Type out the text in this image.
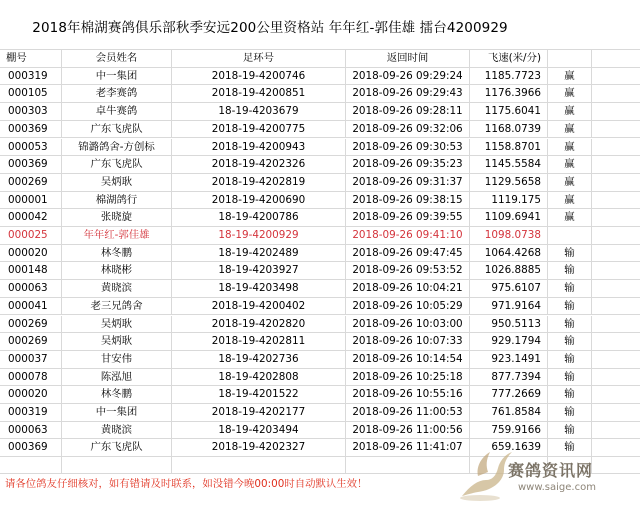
2018年棉湖赛鸽俱乐部秋季安远200公里资格站 年年红-郭佳雄 擂台4200929
棚号	会员姓名	足环号	返回时间	飞速(米/分)
000319	中一集团	2018-19-4200746	2018-09-26 09:29:24	1185.7723	赢
000105	老李赛鸽	2018-19-4200851	2018-09-26 09:29:43	1176.3966	赢
000303	卓牛赛鸽	18-19-4203679	2018-09-26 09:28:11	1175.6041	赢
000369	广东飞虎队	2018-19-4200775	2018-09-26 09:32:06	1168.0739	赢
000053	锦潞鸽舍-方创标	2018-19-4200943	2018-09-26 09:30:53	1158.8701	赢
000369	广东飞虎队	2018-19-4202326	2018-09-26 09:35:23	1145.5584	赢
000269	吴炳耿	2018-19-4202819	2018-09-26 09:31:37	1129.5658	赢
000001	棉湖鸽行	2018-19-4200690	2018-09-26 09:38:15	1119.175	赢
000042	张晓旋	18-19-4200786	2018-09-26 09:39:55	1109.6941	赢
000025	年年红-郭佳雄	18-19-4200929	2018-09-26 09:41:10	1098.0738
000020	林冬鹏	18-19-4202489	2018-09-26 09:47:45	1064.4268	输
000148	林晓彬	18-19-4203927	2018-09-26 09:53:52	1026.8885	输
000063	黄晓滨	18-19-4203498	2018-09-26 10:04:21	975.6107	输
000041	老三兄鸽舍	2018-19-4200402	2018-09-26 10:05:29	971.9164	输
000269	吴炳耿	2018-19-4202820	2018-09-26 10:03:00	950.5113	输
000269	吴炳耿	2018-19-4202811	2018-09-26 10:07:33	929.1794	输
000037	甘安伟	18-19-4202736	2018-09-26 10:14:54	923.1491	输
000078	陈泓旭	18-19-4202808	2018-09-26 10:25:18	877.7394	输
000020	林冬鹏	18-19-4201522	2018-09-26 10:55:16	777.2669	输
000319	中一集团	2018-19-4202177	2018-09-26 11:00:53	761.8584	输
000063	黄晓滨	18-19-4203494	2018-09-26 11:00:56	759.9166	输
000369	广东飞虎队	2018-19-4202327	2018-09-26 11:41:07	659.1639	输
请各位鸽友仔细核对，如有错请及时联系，如没错今晚00:00时自动默认生效！
赛鸽资讯网
www.saige.com
